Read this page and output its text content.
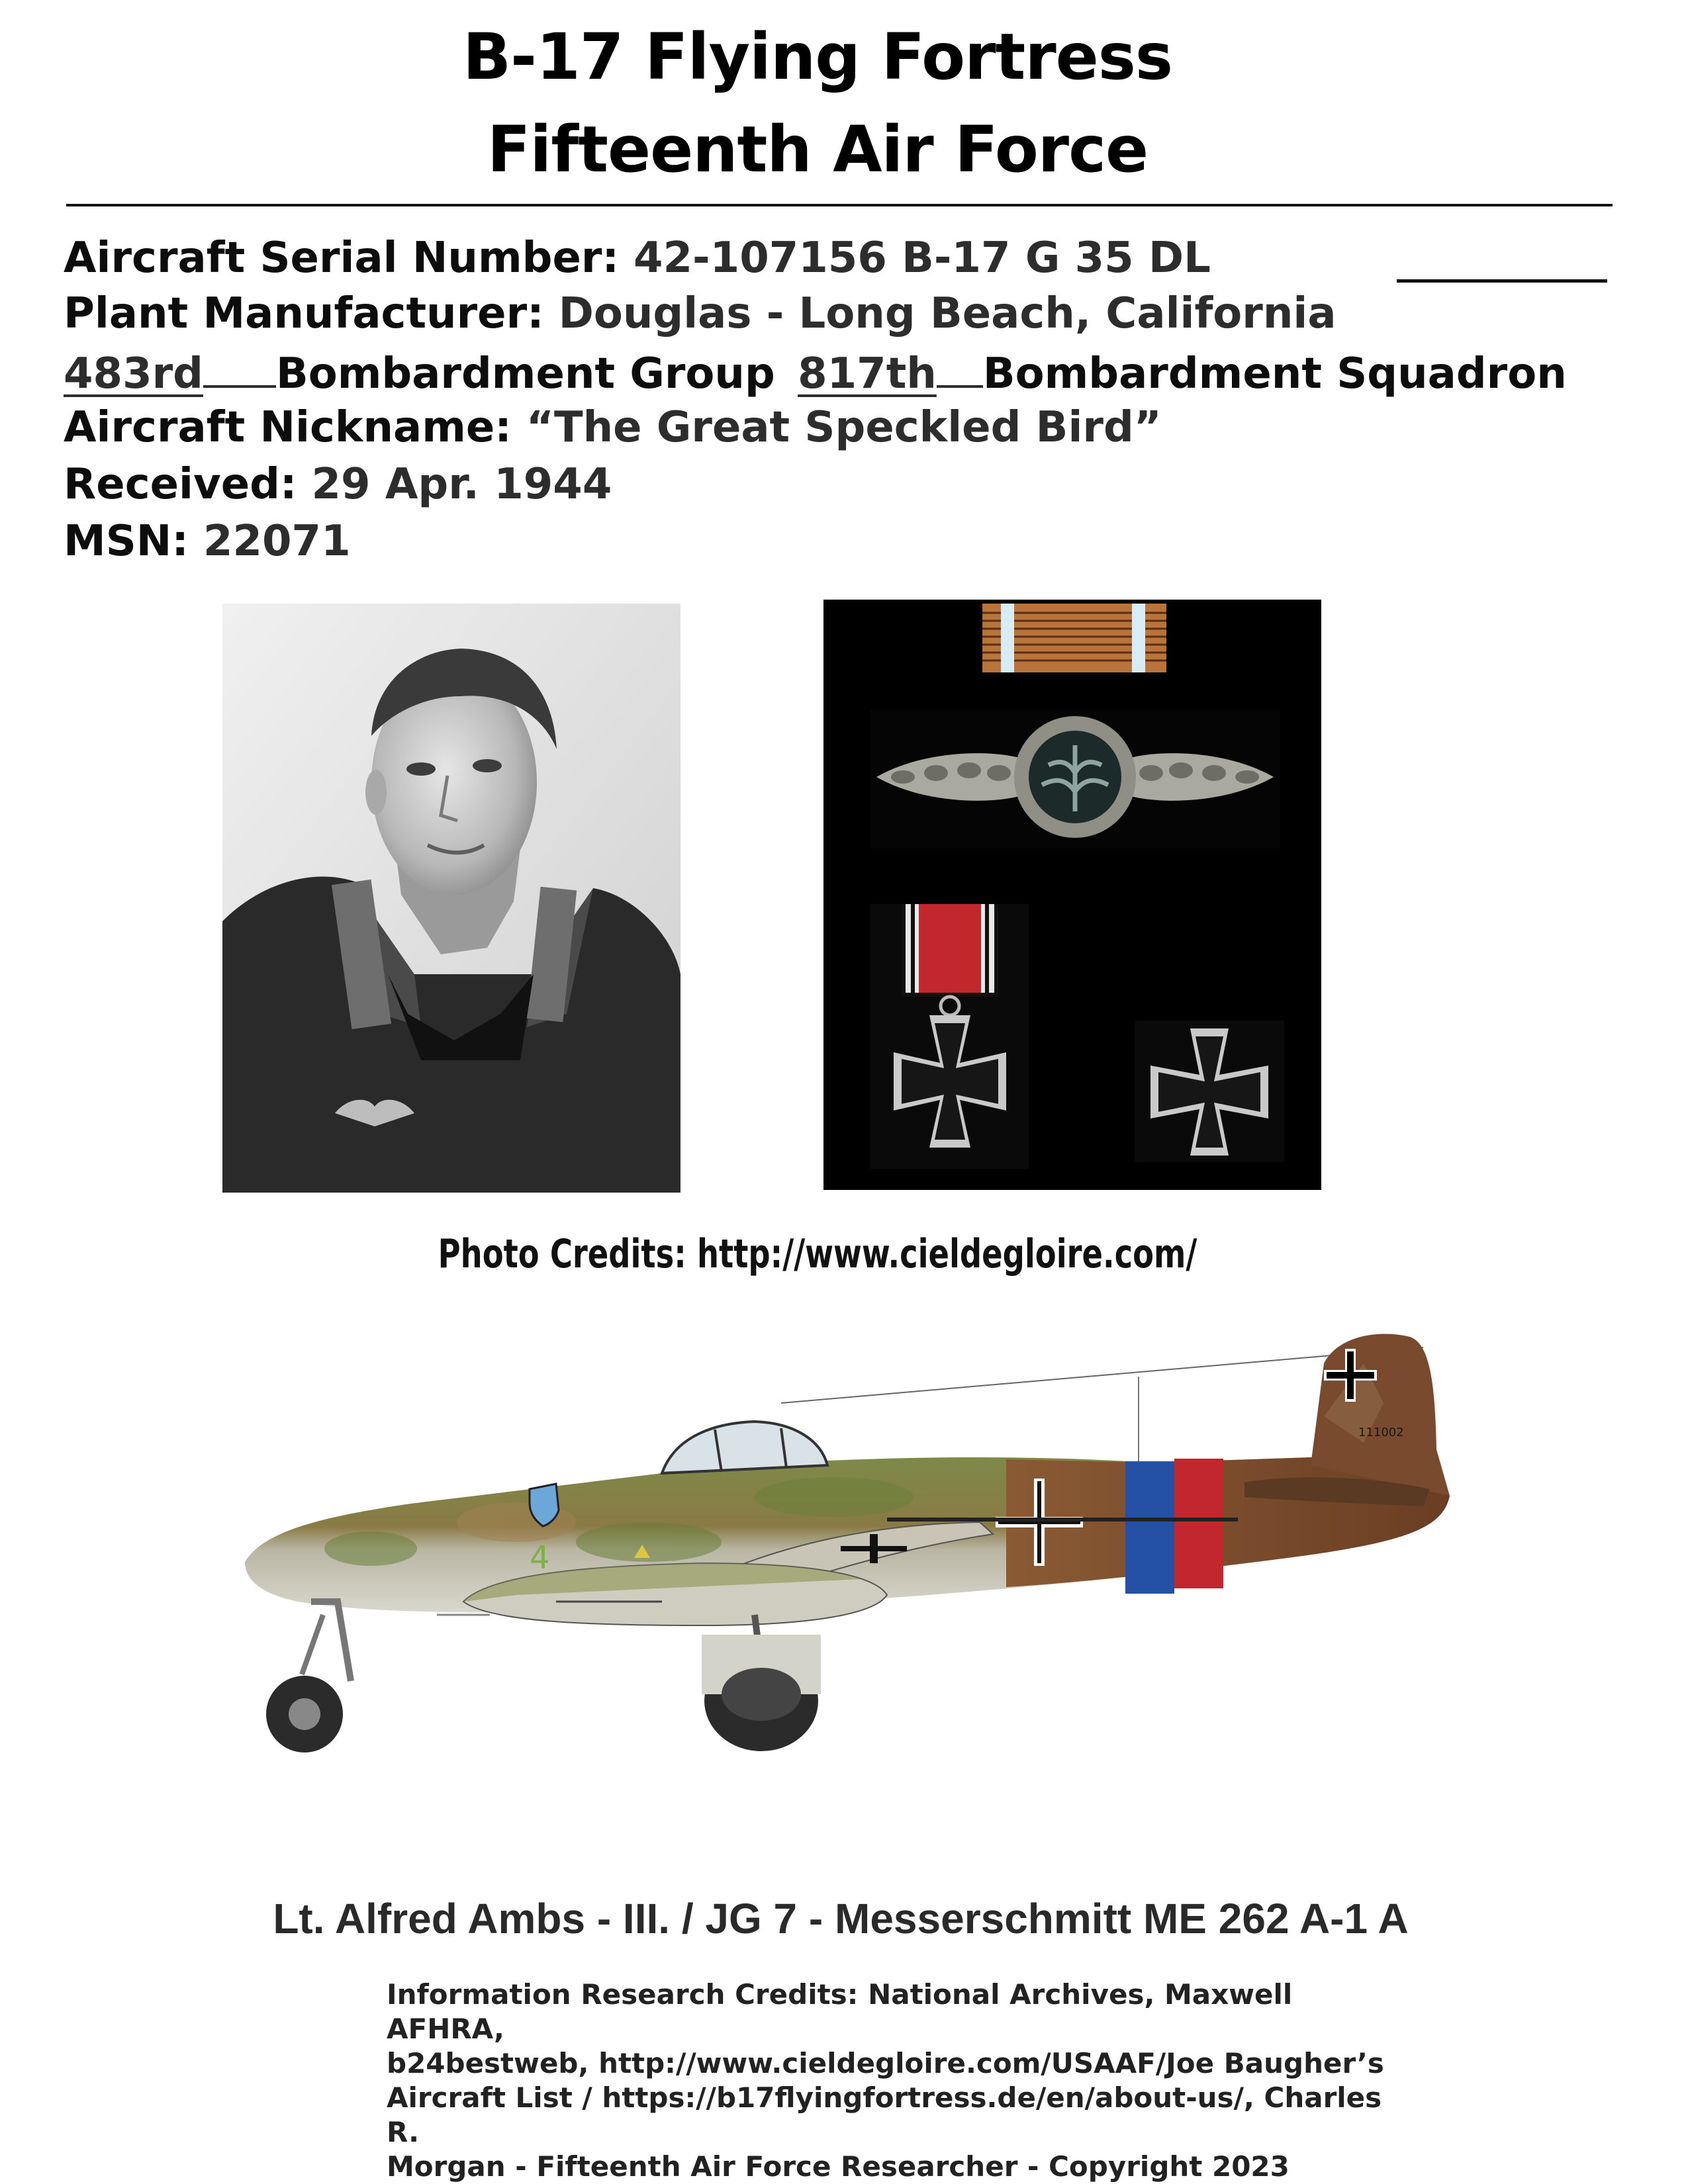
B-17 Flying Fortress
Fifteenth Air Force
Aircraft Serial Number: 42-107156 B-17 G 35 DL
Plant Manufacturer: Douglas - Long Beach, California
483rd Bombardment Group 817th Bombardment Squadron
Aircraft Nickname: “The Great Speckled Bird”
Received: 29 Apr. 1944
MSN: 22071
Photo Credits: http://www.cieldegloire.com/
111002
4
Lt. Alfred Ambs - III. / JG 7 - Messerschmitt ME 262 A-1 A
Information Research Credits: National Archives, Maxwell AFHRA,
b24bestweb, http://www.cieldegloire.com/USAAF/Joe Baugher’s
Aircraft List / https://b17flyingfortress.de/en/about-us/, Charles R.
Morgan - Fifteenth Air Force Researcher - Copyright 2023
